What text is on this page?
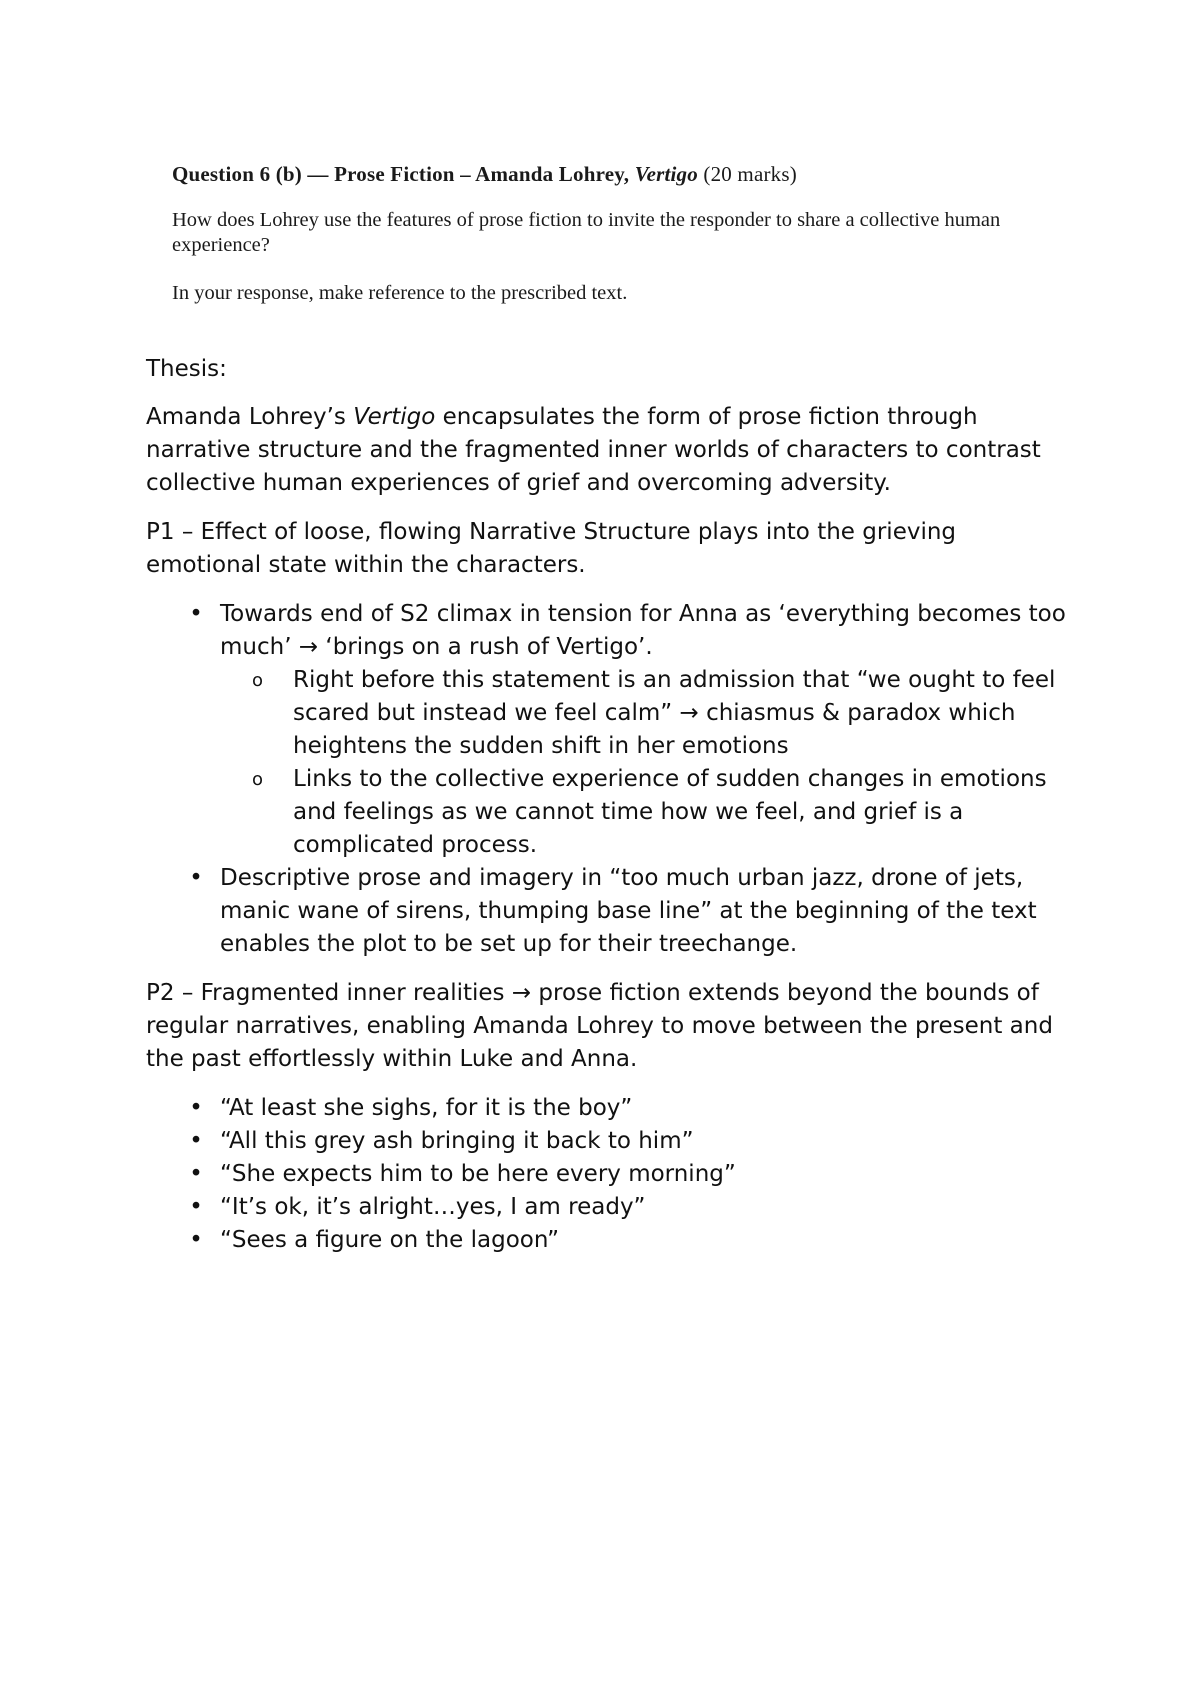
Question 6 (b) — Prose Fiction – Amanda Lohrey, Vertigo (20 marks)
How does Lohrey use the features of prose fiction to invite the responder to share a collective human experience?
In your response, make reference to the prescribed text.

Thesis:

Amanda Lohrey’s Vertigo encapsulates the form of prose fiction through narrative structure and the fragmented inner worlds of characters to contrast collective human experiences of grief and overcoming adversity.

P1 – Effect of loose, flowing Narrative Structure plays into the grieving emotional state within the characters.

• Towards end of S2 climax in tension for Anna as ‘everything becomes too much’ → ‘brings on a rush of Vertigo’.
o Right before this statement is an admission that “we ought to feel scared but instead we feel calm” → chiasmus & paradox which heightens the sudden shift in her emotions
o Links to the collective experience of sudden changes in emotions and feelings as we cannot time how we feel, and grief is a complicated process.
• Descriptive prose and imagery in “too much urban jazz, drone of jets, manic wane of sirens, thumping base line” at the beginning of the text enables the plot to be set up for their treechange.

P2 – Fragmented inner realities → prose fiction extends beyond the bounds of regular narratives, enabling Amanda Lohrey to move between the present and the past effortlessly within Luke and Anna.

• “At least she sighs, for it is the boy”
• “All this grey ash bringing it back to him”
• “She expects him to be here every morning”
• “It’s ok, it’s alright…yes, I am ready”
• “Sees a figure on the lagoon”
